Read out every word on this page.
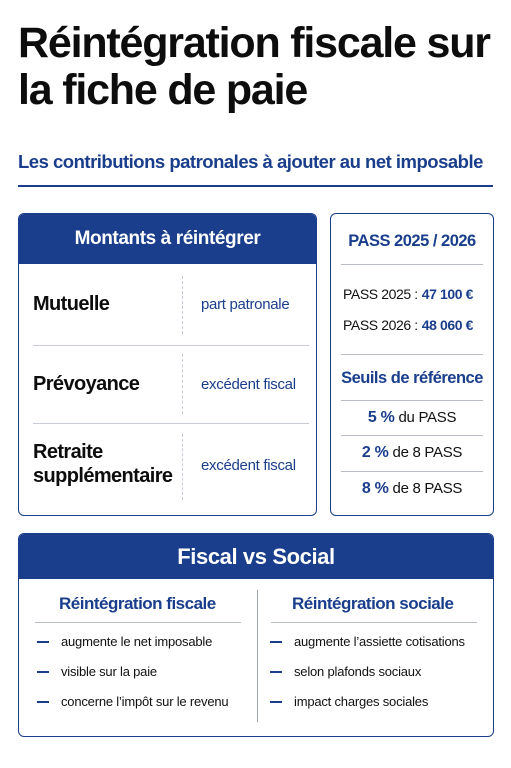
Réintégration fiscale sur la fiche de paie
Les contributions patronales à ajouter au net imposable
Montants à réintégrer
Mutuelle	part patronale
Prévoyance	excédent fiscal
Retraite supplémentaire	excédent fiscal
PASS 2025 / 2026
PASS 2025 : 47 100 €
PASS 2026 : 48 060 €
Seuils de référence
5 % du PASS
2 % de 8 PASS
8 % de 8 PASS
Fiscal vs Social
Réintégration fiscale
augmente le net imposable
visible sur la paie
concerne l’impôt sur le revenu
Réintégration sociale
augmente l’assiette cotisations
selon plafonds sociaux
impact charges sociales
